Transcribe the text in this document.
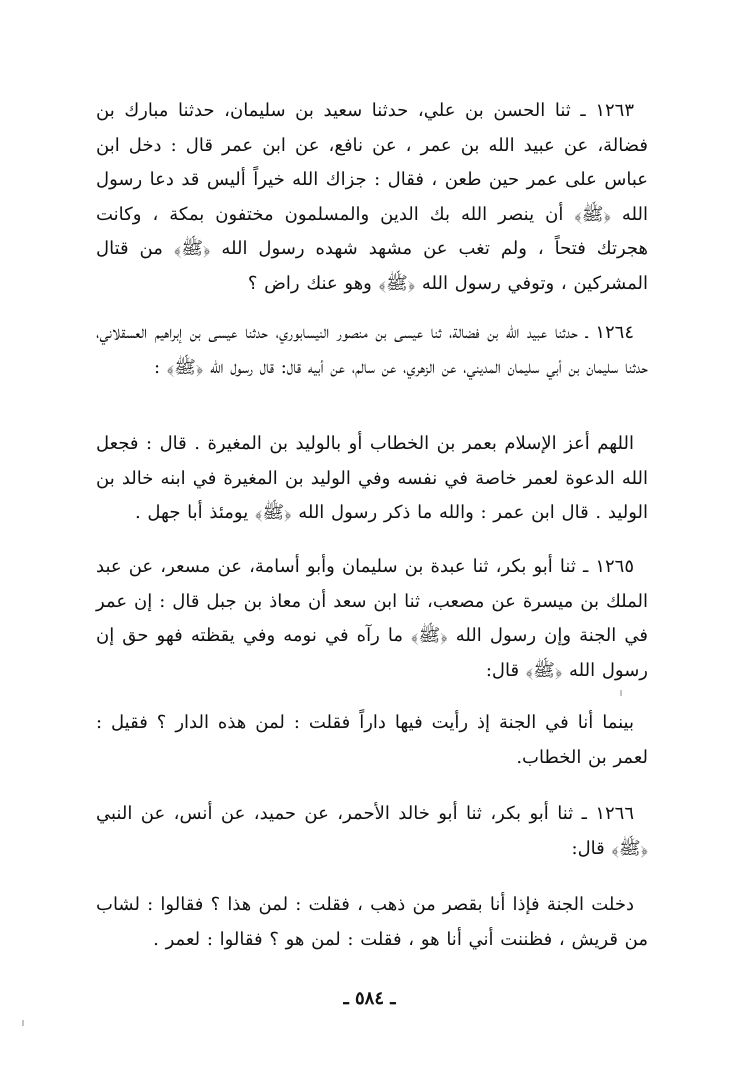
١٢٦٣ ـ ثنا الحسن بن علي، حدثنا سعيد بن سليمان، حدثنا مبارك بن فضالة، عن عبيد الله بن عمر ، عن نافع، عن ابن عمر قال : دخل ابن عباس على عمر حين طعن ، فقال : جزاك الله خيراً أليس قد دعا رسول الله ﴿ﷺ﴾ أن ينصر الله بك الدين والمسلمون مختفون بمكة ، وكانت هجرتك فتحاً ، ولم تغب عن مشهد شهده رسول الله ﴿ﷺ﴾ من قتال المشركين ، وتوفي رسول الله ﴿ﷺ﴾ وهو عنك راض ؟

١٢٦٤ ـ حدثنا عبيد الله بن فضالة، ثنا عيسى بن منصور النيسابوري، حدثنا عيسى بن إبراهيم العسقلاني، حدثنا سليمان بن أبي سليمان المديني، عن الزهري، عن سالم، عن أبيه قال: قال رسول الله ﴿ﷺ﴾ :

اللهم أعز الإسلام بعمر بن الخطاب أو بالوليد بن المغيرة . قال : فجعل الله الدعوة لعمر خاصة في نفسه وفي الوليد بن المغيرة في ابنه خالد بن الوليد . قال ابن عمر : والله ما ذكر رسول الله ﴿ﷺ﴾ يومئذ أبا جهل .

١٢٦٥ ـ ثنا أبو بكر، ثنا عبدة بن سليمان وأبو أسامة، عن مسعر، عن عبد الملك بن ميسرة عن مصعب، ثنا ابن سعد أن معاذ بن جبل قال : إن عمر في الجنة وإن رسول الله ﴿ﷺ﴾ ما رآه في نومه وفي يقظته فهو حق إن رسول الله ﴿ﷺ﴾ قال:

بينما أنا في الجنة إذ رأيت فيها داراً فقلت : لمن هذه الدار ؟ فقيل : لعمر بن الخطاب.

١٢٦٦ ـ ثنا أبو بكر، ثنا أبو خالد الأحمر، عن حميد، عن أنس، عن النبي ﴿ﷺ﴾ قال:

دخلت الجنة فإذا أنا بقصر من ذهب ، فقلت : لمن هذا ؟ فقالوا : لشاب من قريش ، فظننت أني أنا هو ، فقلت : لمن هو ؟ فقالوا : لعمر .

ـ ٥٨٤ ـ
